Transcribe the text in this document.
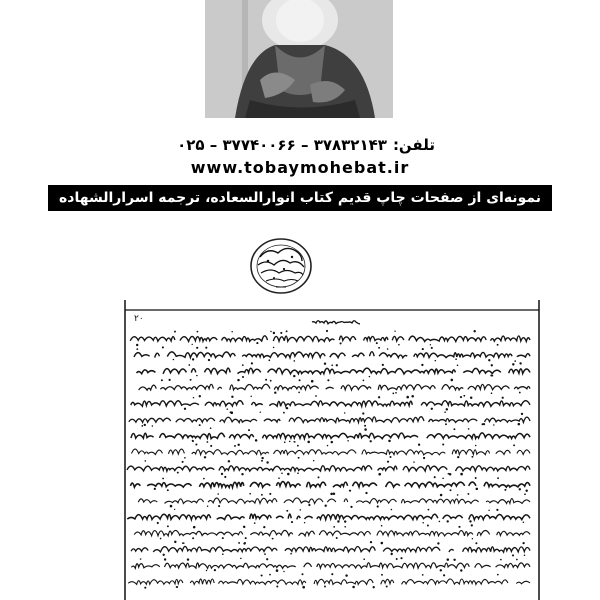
تلفن:
۰۲۵ – ۳۷۷۴۰۰۶۶ – ۳۷۸۳۲۱۴۳
www.tobaymohebat.ir
نمونه‌ای از صفحات چاپ قدیم کتاب انوارالسعاده، ترجمه اسرارالشهاده
۲۰
